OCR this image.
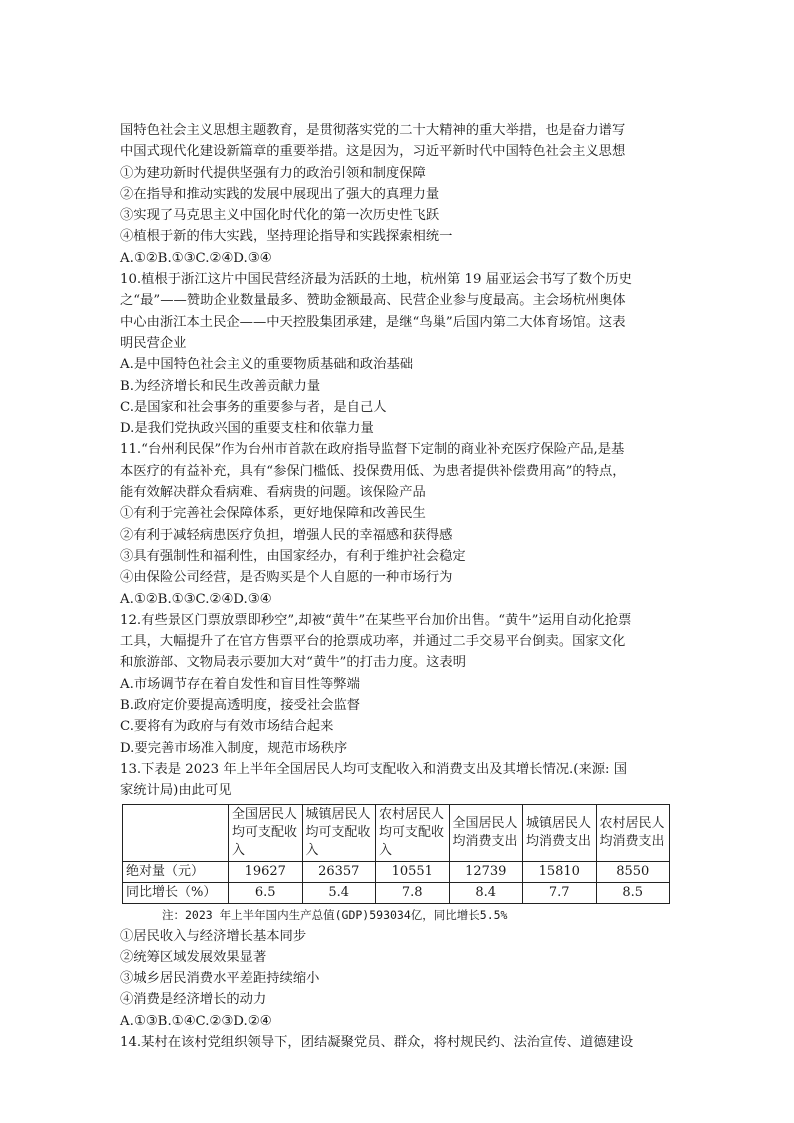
国特色社会主义思想主题教育，是贯彻落实党的二十大精神的重大举措，也是奋力谱写
中国式现代化建设新篇章的重要举措。这是因为，习近平新时代中国特色社会主义思想
①为建功新时代提供坚强有力的政治引领和制度保障
②在指导和推动实践的发展中展现出了强大的真理力量
③实现了马克思主义中国化时代化的第一次历史性飞跃
④植根于新的伟大实践，坚持理论指导和实践探索相统一
A.①②B.①③C.②④D.③④
10.植根于浙江这片中国民营经济最为活跃的土地，杭州第 19 届亚运会书写了数个历史
之“最”——赞助企业数量最多、赞助金额最高、民营企业参与度最高。主会场杭州奥体
中心由浙江本土民企——中天控股集团承建，是继“鸟巢”后国内第二大体育场馆。这表
明民营企业
A.是中国特色社会主义的重要物质基础和政治基础
B.为经济增长和民生改善贡献力量
C.是国家和社会事务的重要参与者，是自己人
D.是我们党执政兴国的重要支柱和依靠力量
11.“台州利民保”作为台州市首款在政府指导监督下定制的商业补充医疗保险产品,是基
本医疗的有益补充，具有“参保门槛低、投保费用低、为患者提供补偿费用高”的特点，
能有效解决群众看病难、看病贵的问题。该保险产品
①有利于完善社会保障体系，更好地保障和改善民生
②有利于减轻病患医疗负担，增强人民的幸福感和获得感
③具有强制性和福利性，由国家经办，有利于维护社会稳定
④由保险公司经营，是否购买是个人自愿的一种市场行为
A.①②B.①③C.②④D.③④
12.有些景区门票放票即秒空”,却被“黄牛”在某些平台加价出售。“黄牛”运用自动化抢票
工具，大幅提升了在官方售票平台的抢票成功率，并通过二手交易平台倒卖。国家文化
和旅游部、文物局表示要加大对“黄牛”的打击力度。这表明
A.市场调节存在着自发性和盲目性等弊端
B.政府定价要提高透明度，接受社会监督
C.要将有为政府与有效市场结合起来
D.要完善市场准入制度，规范市场秩序
13.下表是 2023 年上半年全国居民人均可支配收入和消费支出及其增长情况.(来源: 国
家统计局)由此可见
	全国居民人均可支配收入	城镇居民人均可支配收入	农村居民人均可支配收入	全国居民人均消费支出	城镇居民人均消费支出	农村居民人均消费支出
绝对量（元）	19627	26357	10551	12739	15810	8550
同比增长（%）	6.5	5.4	7.8	8.4	7.7	8.5
注：2023 年上半年国内生产总值(GDP)593034亿，同比增长5.5%
①居民收入与经济增长基本同步
②统筹区域发展效果显著
③城乡居民消费水平差距持续缩小
④消费是经济增长的动力
A.①③B.①④C.②③D.②④
14.某村在该村党组织领导下，团结凝聚党员、群众，将村规民约、法治宣传、道德建设
